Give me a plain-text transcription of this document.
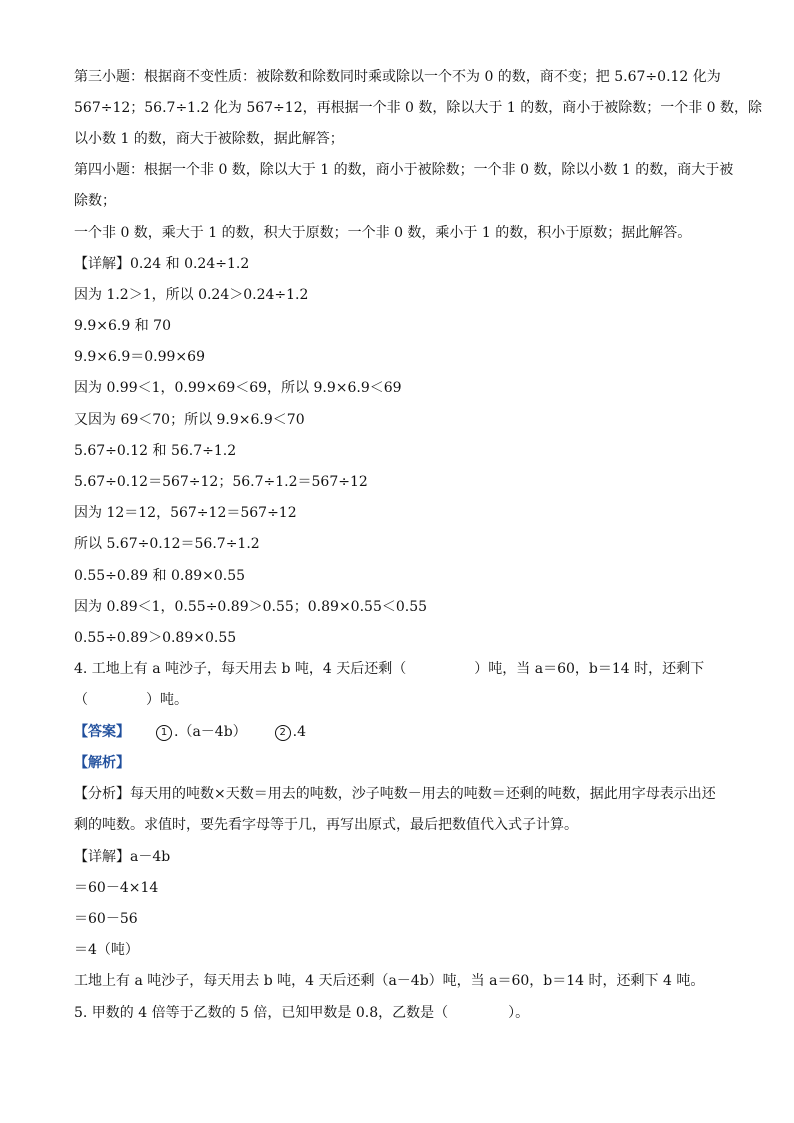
第三小题：根据商不变性质：被除数和除数同时乘或除以一个不为 0 的数，商不变；把 5.67÷0.12 化为
567÷12；56.7÷1.2 化为 567÷12，再根据一个非 0 数，除以大于 1 的数，商小于被除数；一个非 0 数，除
以小数 1 的数，商大于被除数，据此解答；
第四小题：根据一个非 0 数，除以大于 1 的数，商小于被除数；一个非 0 数，除以小数 1 的数，商大于被
除数；
一个非 0 数，乘大于 1 的数，积大于原数；一个非 0 数，乘小于 1 的数，积小于原数；据此解答。
【详解】0.24 和 0.24÷1.2
因为 1.2＞1，所以 0.24＞0.24÷1.2
9.9×6.9 和 70
9.9×6.9＝0.99×69
因为 0.99＜1，0.99×69＜69，所以 9.9×6.9＜69
又因为 69＜70；所以 9.9×6.9＜70
5.67÷0.12 和 56.7÷1.2
5.67÷0.12＝567÷12；56.7÷1.2＝567÷12
因为 12＝12，567÷12＝567÷12
所以 5.67÷0.12＝56.7÷1.2
0.55÷0.89 和 0.89×0.55
因为 0.89＜1，0.55÷0.89＞0.55；0.89×0.55＜0.55
0.55÷0.89＞0.89×0.55
4. 工地上有 a 吨沙子，每天用去 b 吨，4 天后还剩（	）吨，当 a＝60，b＝14 时，还剩下
（	）吨。
【答案】	1 .（a－4b）	2 .4
【解析】
【分析】每天用的吨数×天数＝用去的吨数，沙子吨数－用去的吨数＝还剩的吨数，据此用字母表示出还
剩的吨数。求值时，要先看字母等于几，再写出原式，最后把数值代入式子计算。
【详解】a－4b
＝60－4×14
＝60－56
＝4（吨）
工地上有 a 吨沙子，每天用去 b 吨，4 天后还剩（a－4b）吨，当 a＝60，b＝14 时，还剩下 4 吨。
5. 甲数的 4 倍等于乙数的 5 倍，已知甲数是 0.8，乙数是（	）。
